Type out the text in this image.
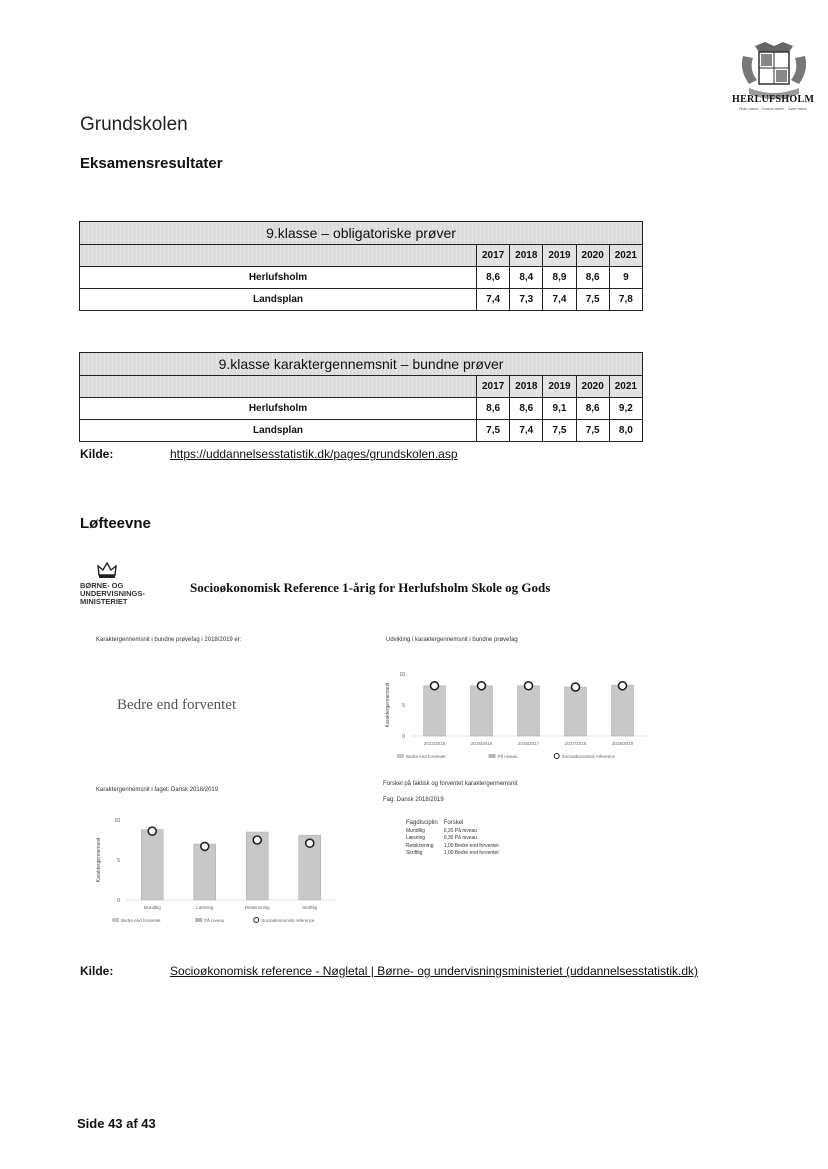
HERLUFSHOLM
Ride vaere · Kunne mere · Gøre mere
Grundskolen
Eksamensresultater
9.klasse – obligatoriske prøver					
	2017	2018	2019	2020	2021
Herlufsholm	8,6	8,4	8,9	8,6	9
Landsplan	7,4	7,3	7,4	7,5	7,8
9.klasse karaktergennemsnit – bundne prøver					
	2017	2018	2019	2020	2021
Herlufsholm	8,6	8,6	9,1	8,6	9,2
Landsplan	7,5	7,4	7,5	7,5	8,0
Kilde:	https://uddannelsesstatistik.dk/pages/grundskolen.asp
Løfteevne
BØRNE- OG
UNDERVISNINGS-
MINISTERIET
Socioøkonomisk Reference 1-årig for Herlufsholm Skole og Gods
Karaktergennemsnit i bundne prøvefag i 2018/2019 er:
Bedre end forventet
Udvikling i karaktergennemsnit i bundne prøvefag
Karaktergennemsnit
0
5
10
2014/2015	2015/2016	2016/2017	2017/2018	2018/2019
Bedre end forventet	På niveau	Socioøkonomisk reference
Karaktergennemsnit i faget: Dansk 2018/2019
Karaktergennemsnit
0
5
10
Mundtlig	Læsning	Retskrivning	Skriftlig
Bedre end forventet	På niveau	Socioøkonomisk reference
Forskel på faktisk og forventet karaktergennemsnit
Fag: Dansk 2018/2019
Fagdisciplin	Forskel
Mundtlig	0,20 På niveau
Læsning	0,30 På niveau
Retskrivning	1,00 Bedre end forventet
Skriftlig	1,00 Bedre end forventet
Kilde:	Socioøkonomisk reference - Nøgletal | Børne- og undervisningsministeriet (uddannelsesstatistik.dk)
Side 43 af 43
